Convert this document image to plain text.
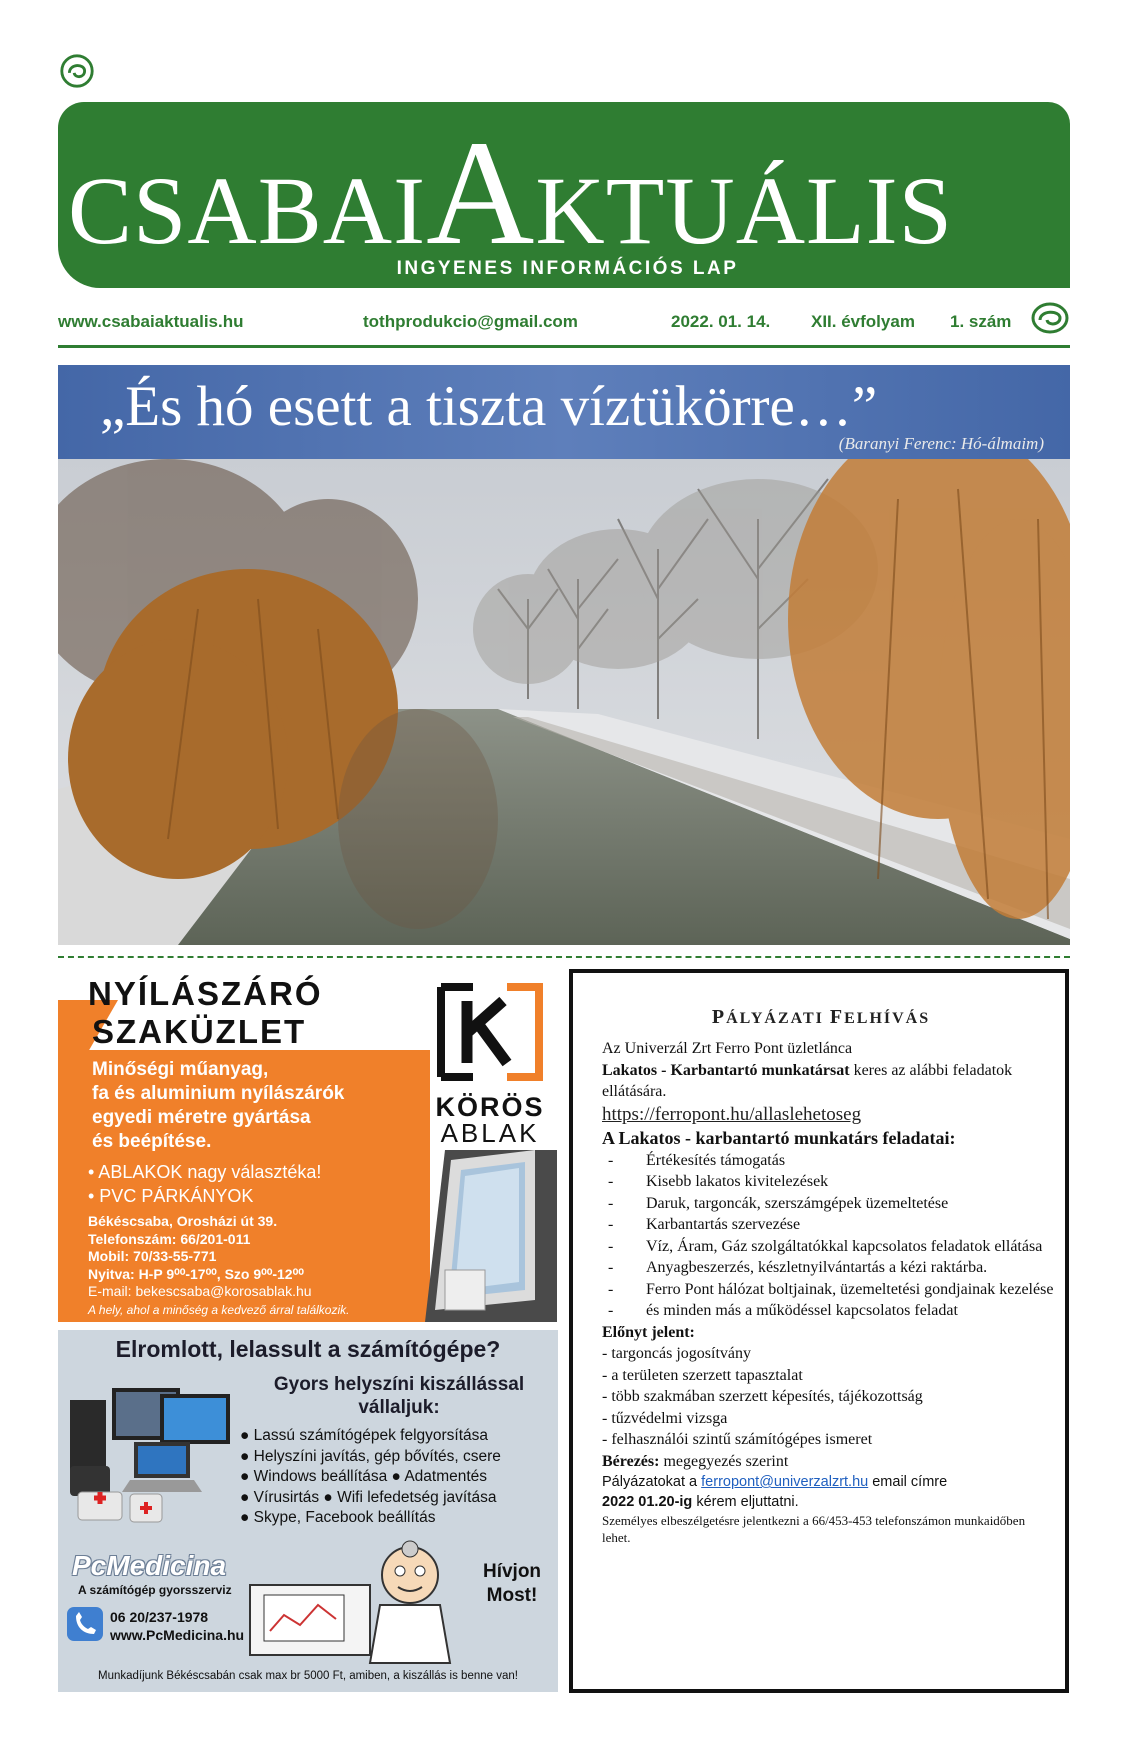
CSABAIAKTUÁLIS
INGYENES INFORMÁCIÓS LAP
www.csabaiaktualis.hu	tothprodukcio@gmail.com	2022. 01. 14. XII. évfolyam 1. szám
„És hó esett a tiszta víztükörre…”
(Baranyi Ferenc: Hó-álmaim)
NYÍLÁSZÁRÓ
SZAKÜZLET
Minőségi műanyag,
fa és aluminium nyílászárók
egyedi méretre gyártása
és beépítése.
• ABLAKOK nagy választéka!
• PVC PÁRKÁNYOK
Békéscsaba, Orosházi út 39.
Telefonszám: 66/201-011
Mobil: 70/33-55-771
Nyitva: H-P 9⁰⁰-17⁰⁰, Szo 9⁰⁰-12⁰⁰
E-mail: bekescsaba@korosablak.hu
A hely, ahol a minőség a kedvező árral találkozik.
KÖRÖS
ABLAK
Elromlott, lelassult a számítógépe?
Gyors helyszíni kiszállással
vállaljuk:
● Lassú számítógépek felgyorsítása
● Helyszíni javítás, gép bővítés, csere
● Windows beállítása ● Adatmentés
● Vírusirtás ● Wifi lefedetség javítása
● Skype, Facebook beállítás
PcMedicina
A számítógép gyorsszerviz
06 20/237-1978
www.PcMedicina.hu
Hívjon
Most!
Munkadíjunk Békéscsabán csak max br 5000 Ft, amiben, a kiszállás is benne van!
PÁLYÁZATI FELHÍVÁS

Az Univerzál Zrt Ferro Pont üzletlánca

Lakatos - Karbantartó munkatársat keres az alábbi feladatok ellátására.

https://ferropont.hu/allaslehetoseg

A Lakatos - karbantartó munkatárs feladatai:

- Értékesítés támogatás
- Kisebb lakatos kivitelezések
- Daruk, targoncák, szerszámgépek üzemeltetése
- Karbantartás szervezése
- Víz, Áram, Gáz szolgáltatókkal kapcsolatos feladatok ellátása
- Anyagbeszerzés, készletnyilvántartás a kézi raktárba.
- Ferro Pont hálózat boltjainak, üzemeltetési gondjainak kezelése
- és minden más a működéssel kapcsolatos feladat

Előnyt jelent:

- targoncás jogosítvány

- a területen szerzett tapasztalat

- több szakmában szerzett képesítés, tájékozottság

- tűzvédelmi vizsga

- felhasználói szintű számítógépes ismeret

Bérezés: megegyezés szerint

Pályázatokat a ferropont@univerzalzrt.hu email címre

2022 01.20-ig kérem eljuttatni.

Személyes elbeszélgetésre jelentkezni a 66/453-453 telefonszámon munkaidőben lehet.
